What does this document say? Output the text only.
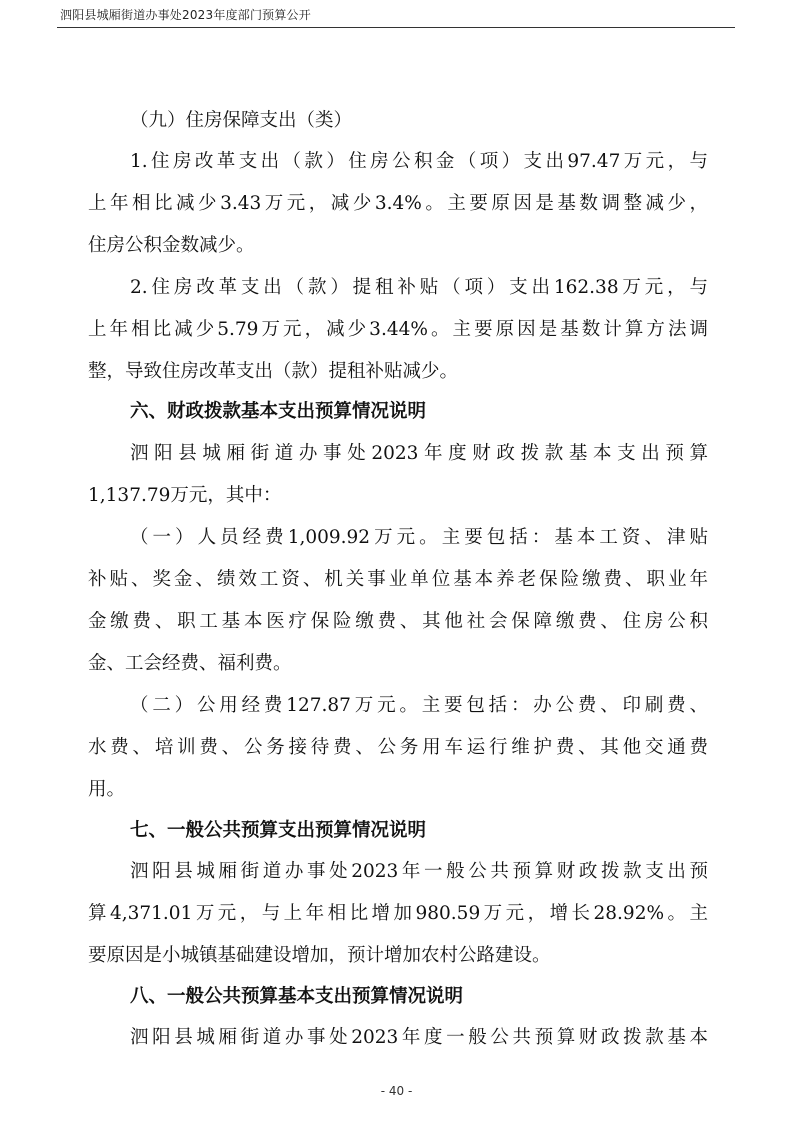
泗阳县城厢街道办事处2023年度部门预算公开
（九）住房保障支出（类）
1.住房改革支出（款）住房公积金（项）支出97.47万元，与
上年相比减少3.43万元，减少3.4%。主要原因是基数调整减少，
住房公积金数减少。
2.住房改革支出（款）提租补贴（项）支出162.38万元，与
上年相比减少5.79万元，减少3.44%。主要原因是基数计算方法调
整，导致住房改革支出（款）提租补贴减少。
六、财政拨款基本支出预算情况说明
泗阳县城厢街道办事处2023年度财政拨款基本支出预算
1,137.79万元，其中：
（一）人员经费1,009.92万元。主要包括：基本工资、津贴
补贴、奖金、绩效工资、机关事业单位基本养老保险缴费、职业年
金缴费、职工基本医疗保险缴费、其他社会保障缴费、住房公积
金、工会经费、福利费。
（二）公用经费127.87万元。主要包括：办公费、印刷费、
水费、培训费、公务接待费、公务用车运行维护费、其他交通费
用。
七、一般公共预算支出预算情况说明
泗阳县城厢街道办事处2023年一般公共预算财政拨款支出预
算4,371.01万元，与上年相比增加980.59万元，增长28.92%。主
要原因是小城镇基础建设增加，预计增加农村公路建设。
八、一般公共预算基本支出预算情况说明
泗阳县城厢街道办事处2023年度一般公共预算财政拨款基本
- 40 -
